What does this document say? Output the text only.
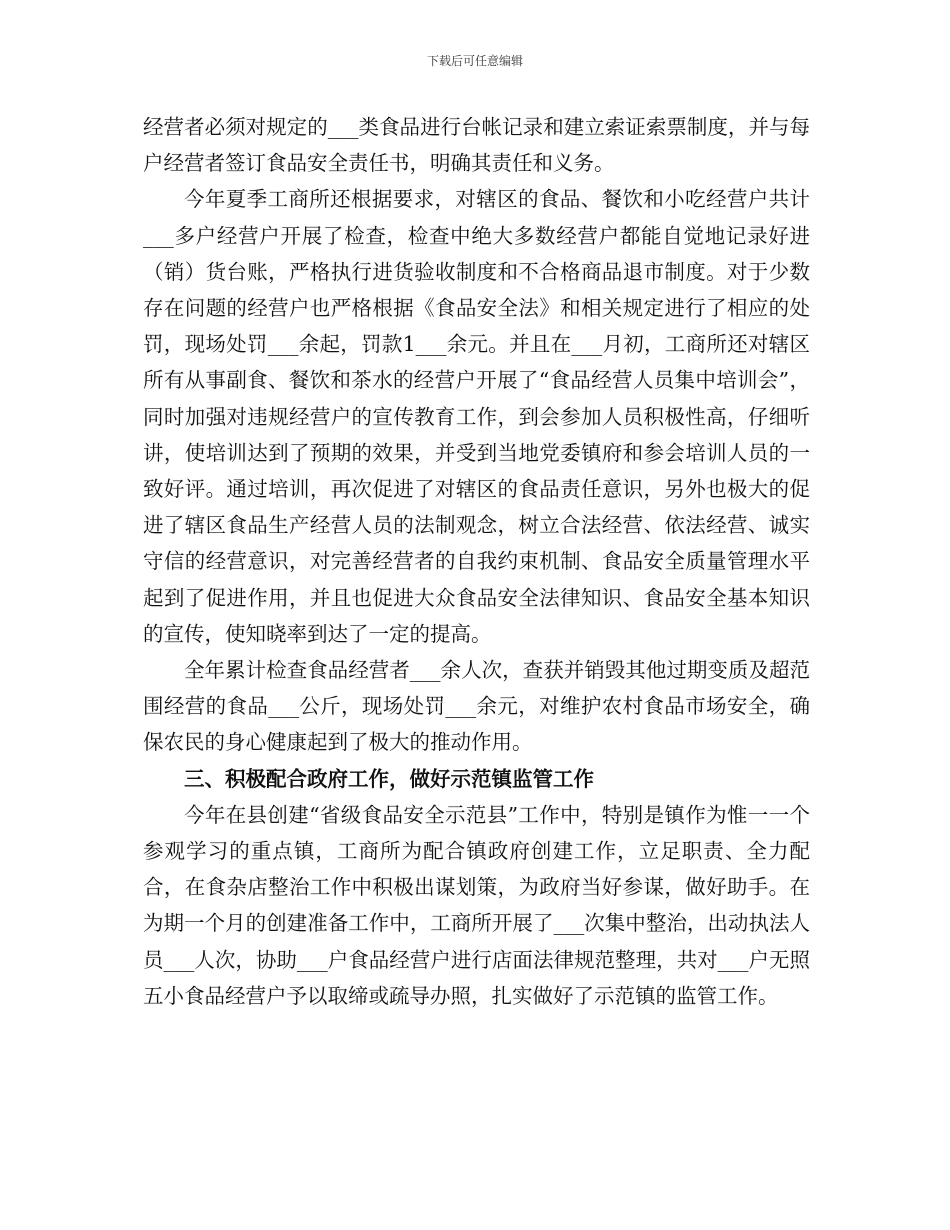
下载后可任意编辑

经营者必须对规定的___类食品进行台帐记录和建立索证索票制度，并与每户经营者签订食品安全责任书，明确其责任和义务。

今年夏季工商所还根据要求，对辖区的食品、餐饮和小吃经营户共计___多户经营户开展了检查，检查中绝大多数经营户都能自觉地记录好进（销）货台账，严格执行进货验收制度和不合格商品退市制度。对于少数存在问题的经营户也严格根据《食品安全法》和相关规定进行了相应的处罚，现场处罚___余起，罚款1___余元。并且在___月初，工商所还对辖区所有从事副食、餐饮和茶水的经营户开展了“食品经营人员集中培训会”，同时加强对违规经营户的宣传教育工作，到会参加人员积极性高，仔细听讲，使培训达到了预期的效果，并受到当地党委镇府和参会培训人员的一致好评。通过培训，再次促进了对辖区的食品责任意识，另外也极大的促进了辖区食品生产经营人员的法制观念，树立合法经营、依法经营、诚实守信的经营意识，对完善经营者的自我约束机制、食品安全质量管理水平起到了促进作用，并且也促进大众食品安全法律知识、食品安全基本知识的宣传，使知晓率到达了一定的提高。

全年累计检查食品经营者___余人次，查获并销毁其他过期变质及超范围经营的食品___公斤，现场处罚___余元，对维护农村食品市场安全，确保农民的身心健康起到了极大的推动作用。

三、积极配合政府工作，做好示范镇监管工作

今年在县创建“省级食品安全示范县”工作中，特别是镇作为惟一一个参观学习的重点镇，工商所为配合镇政府创建工作，立足职责、全力配合，在食杂店整治工作中积极出谋划策，为政府当好参谋，做好助手。在为期一个月的创建准备工作中，工商所开展了___次集中整治，出动执法人员___人次，协助___户食品经营户进行店面法律规范整理，共对___户无照五小食品经营户予以取缔或疏导办照，扎实做好了示范镇的监管工作。
